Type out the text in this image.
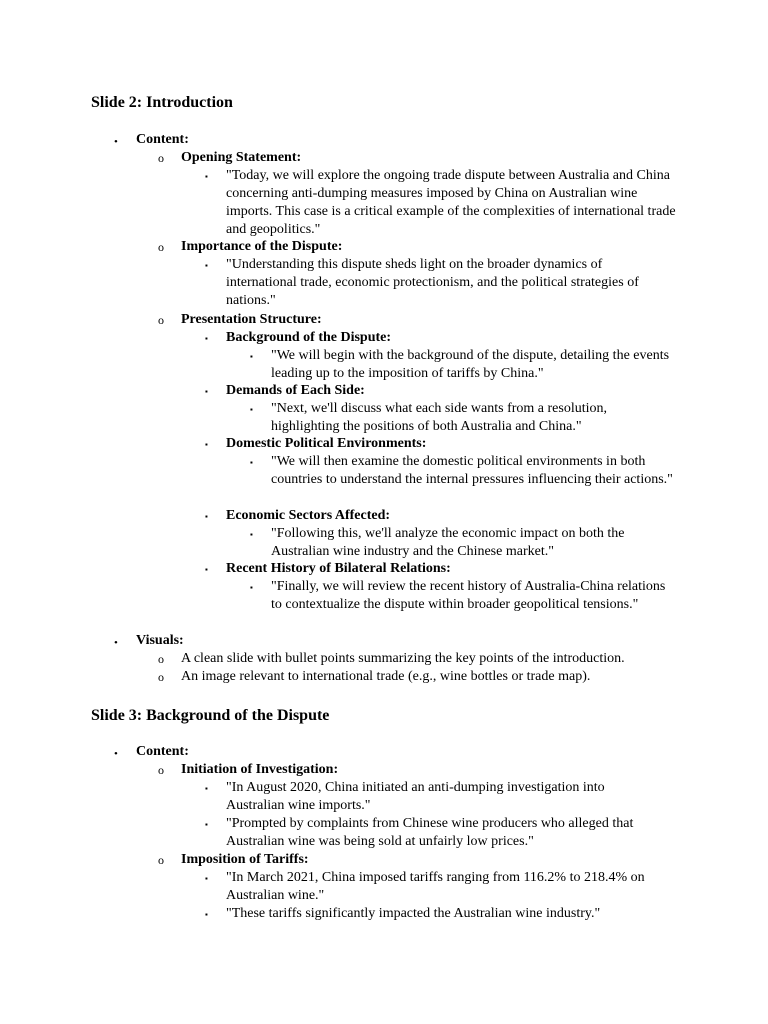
Slide 2: Introduction
• Content:
o Opening Statement:
▪ "Today, we will explore the ongoing trade dispute between Australia and China concerning anti-dumping measures imposed by China on Australian wine imports. This case is a critical example of the complexities of international trade and geopolitics."
o Importance of the Dispute:
▪ "Understanding this dispute sheds light on the broader dynamics of international trade, economic protectionism, and the political strategies of nations."
o Presentation Structure:
▪ Background of the Dispute:
▪ "We will begin with the background of the dispute, detailing the events leading up to the imposition of tariffs by China."
▪ Demands of Each Side:
▪ "Next, we'll discuss what each side wants from a resolution, highlighting the positions of both Australia and China."
▪ Domestic Political Environments:
▪ "We will then examine the domestic political environments in both countries to understand the internal pressures influencing their actions."
▪ Economic Sectors Affected:
▪ "Following this, we'll analyze the economic impact on both the Australian wine industry and the Chinese market."
▪ Recent History of Bilateral Relations:
▪ "Finally, we will review the recent history of Australia-China relations to contextualize the dispute within broader geopolitical tensions."
• Visuals:
o A clean slide with bullet points summarizing the key points of the introduction.
o An image relevant to international trade (e.g., wine bottles or trade map).
Slide 3: Background of the Dispute
• Content:
o Initiation of Investigation:
▪ "In August 2020, China initiated an anti-dumping investigation into Australian wine imports."
▪ "Prompted by complaints from Chinese wine producers who alleged that Australian wine was being sold at unfairly low prices."
o Imposition of Tariffs:
▪ "In March 2021, China imposed tariffs ranging from 116.2% to 218.4% on Australian wine."
▪ "These tariffs significantly impacted the Australian wine industry."
